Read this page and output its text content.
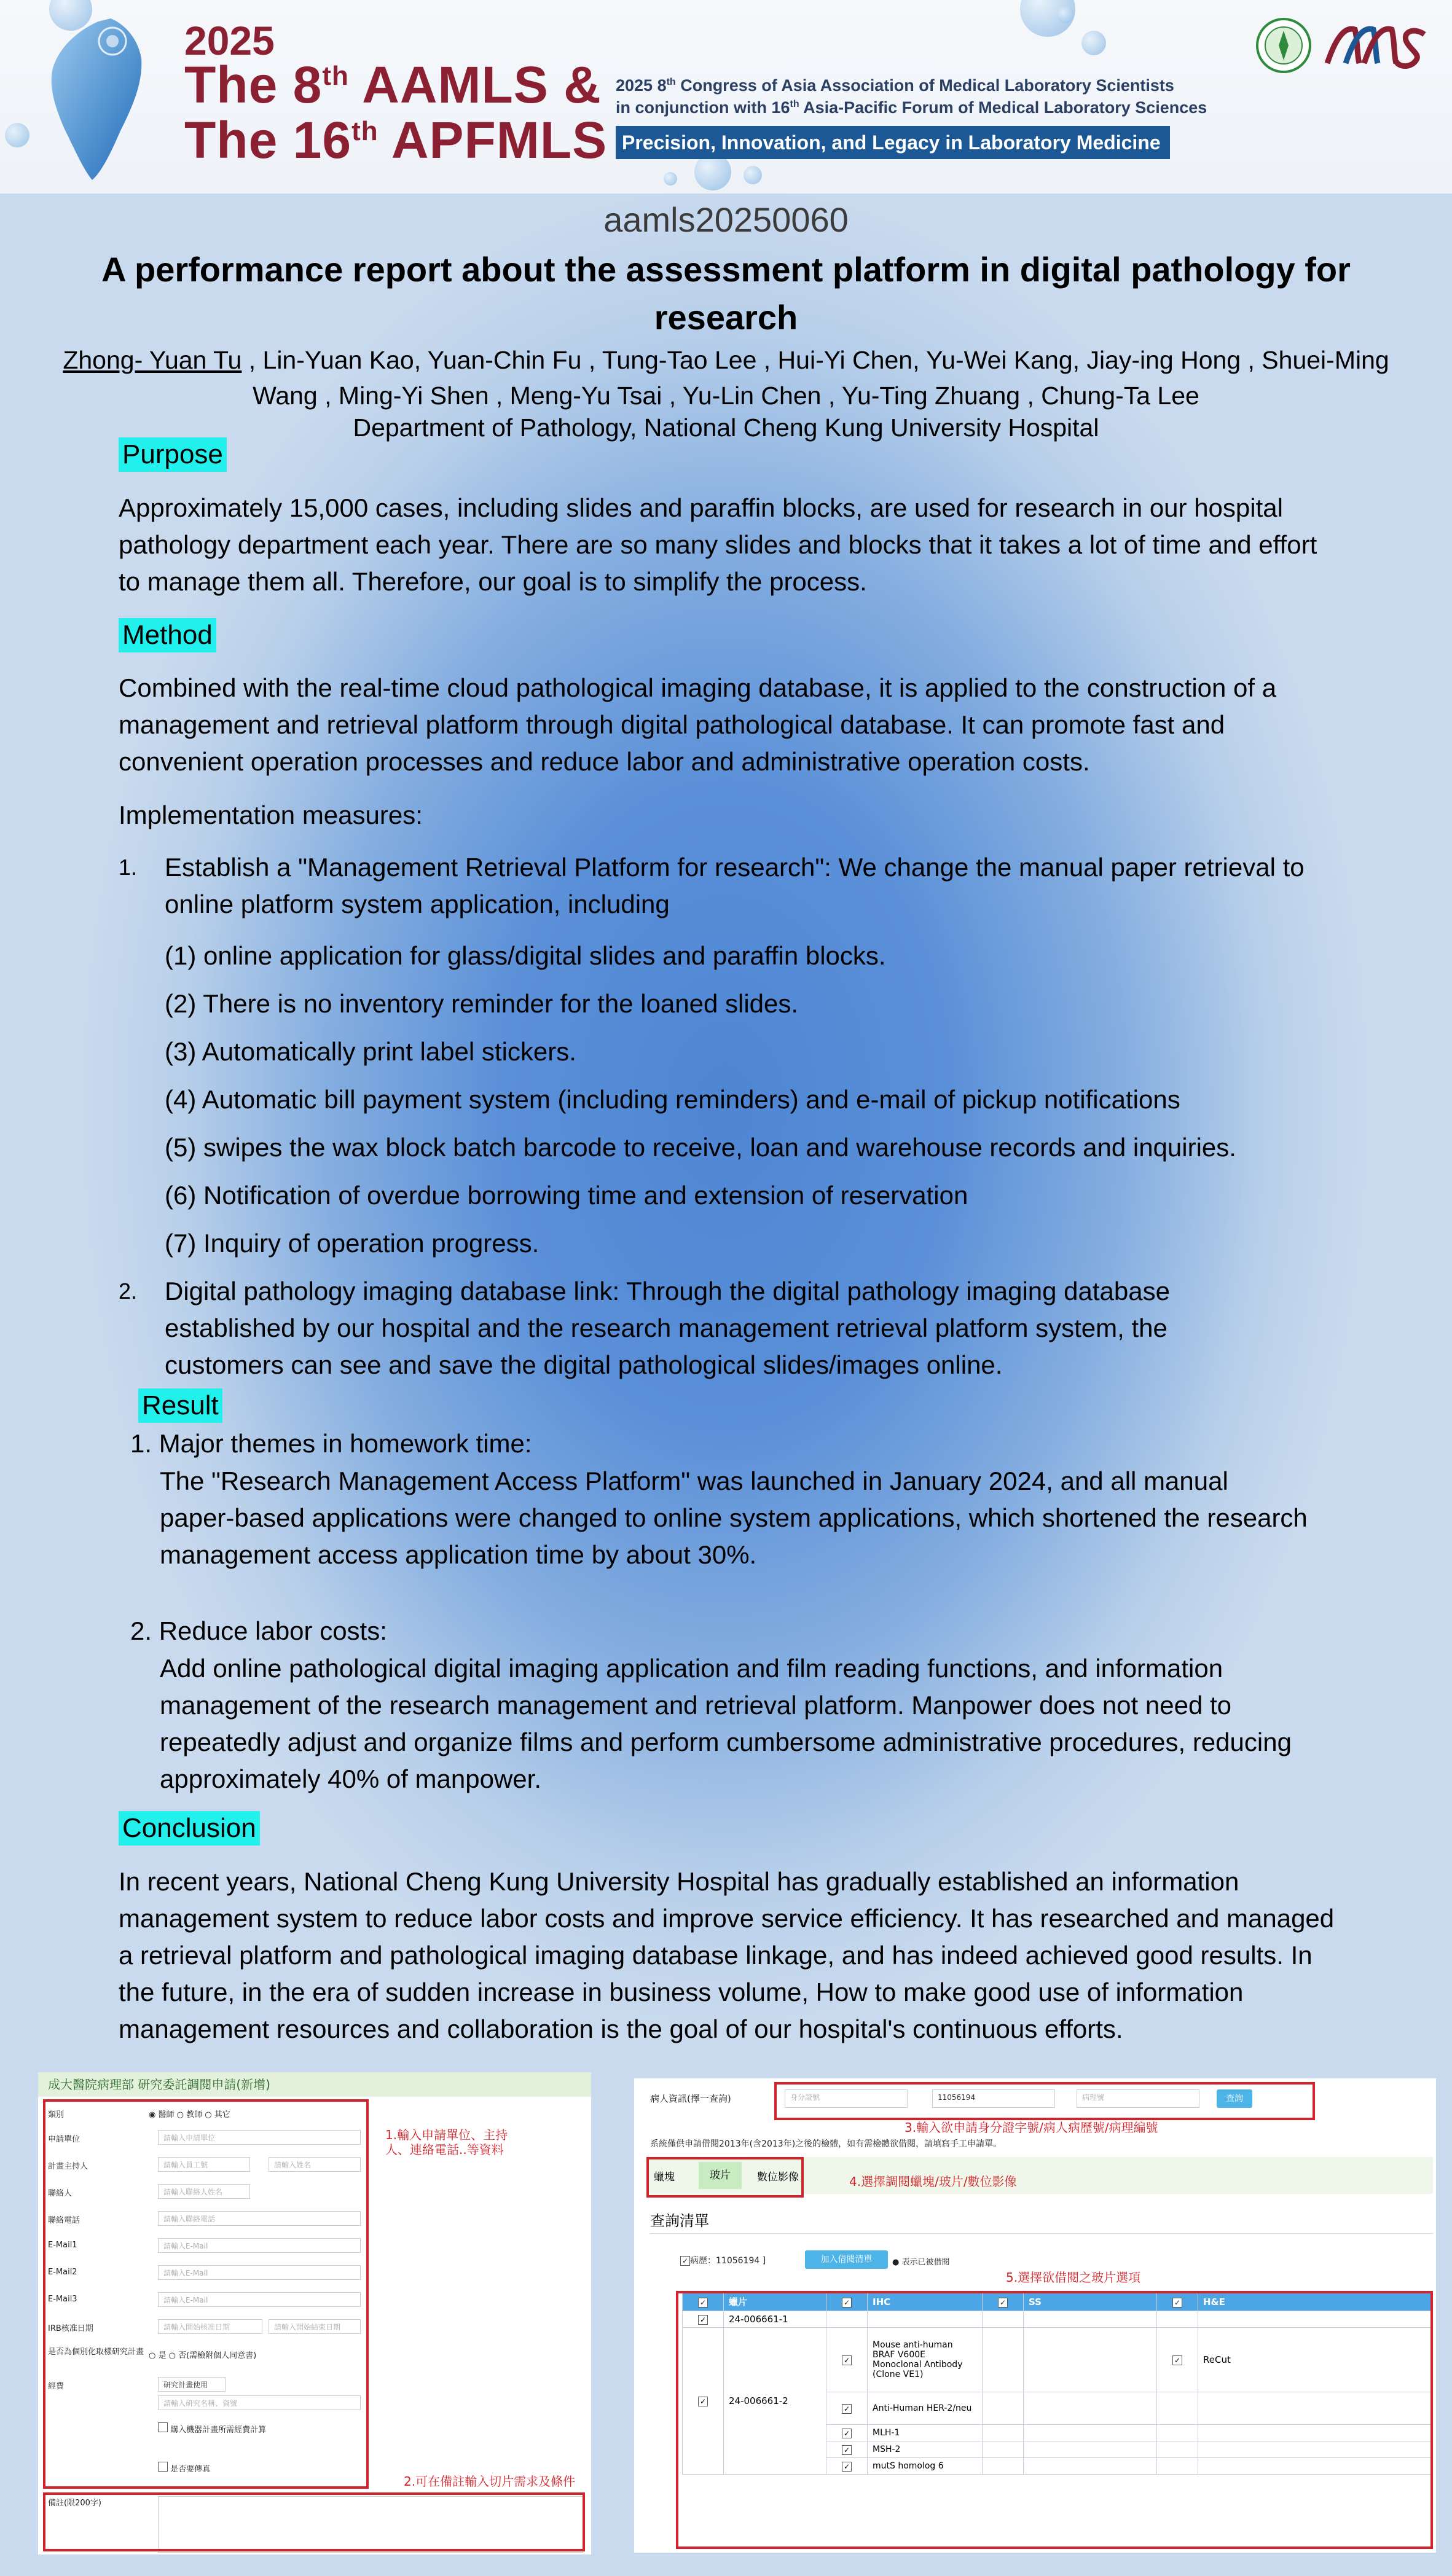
2025
The 8th AAMLS &
The 16th APFMLS
2025 8th Congress of Asia Association of Medical Laboratory Scientists
in conjunction with 16th Asia-Pacific Forum of Medical Laboratory Sciences
Precision, Innovation, and Legacy in Laboratory Medicine
aamls20250060
A performance report about the assessment platform in digital pathology for research
Zhong- Yuan Tu , Lin-Yuan Kao, Yuan-Chin Fu , Tung-Tao Lee , Hui-Yi Chen, Yu-Wei Kang, Jiay-ing Hong , Shuei-Ming Wang , Ming-Yi Shen , Meng-Yu Tsai , Yu-Lin Chen , Yu-Ting Zhuang , Chung-Ta Lee
Department of Pathology, National Cheng Kung University Hospital
Purpose
Approximately 15,000 cases, including slides and paraffin blocks, are used for research in our hospital pathology department each year. There are so many slides and blocks that it takes a lot of time and effort to manage them all. Therefore, our goal is to simplify the process.
Method
Combined with the real-time cloud pathological imaging database, it is applied to the construction of a management and retrieval platform through digital pathological database. It can promote fast and convenient operation processes and reduce labor and administrative operation costs.
Implementation measures:
1. Establish a "Management Retrieval Platform for research": We change the manual paper retrieval to online platform system application, including
(1) online application for glass/digital slides and paraffin blocks.
(2) There is no inventory reminder for the loaned slides.
(3) Automatically print label stickers.
(4) Automatic bill payment system (including reminders) and e-mail of pickup notifications
(5) swipes the wax block batch barcode to receive, loan and warehouse records and inquiries.
(6) Notification of overdue borrowing time and extension of reservation
(7) Inquiry of operation progress.
2. Digital pathology imaging database link: Through the digital pathology imaging database established by our hospital and the research management retrieval platform system, the customers can see and save the digital pathological slides/images online.
Result
1. Major themes in homework time:
The "Research Management Access Platform" was launched in January 2024, and all manual paper-based applications were changed to online system applications, which shortened the research management access application time by about 30%.
2. Reduce labor costs:
Add online pathological digital imaging application and film reading functions, and information management of the research management and retrieval platform. Manpower does not need to repeatedly adjust and organize films and perform cumbersome administrative procedures, reducing approximately 40% of manpower.
Conclusion
In recent years, National Cheng Kung University Hospital has gradually established an information management system to reduce labor costs and improve service efficiency. It has researched and managed a retrieval platform and pathological imaging database linkage, and has indeed achieved good results. In the future, in the era of sudden increase in business volume, How to make good use of information management resources and collaboration is the goal of our hospital's continuous efforts.
成大醫院病理部 研究委託調閱申請(新增)
類別	◉ 醫師 ○ 教師 ○ 其它
申請單位	請輸入申請單位
計畫主持人	請輸入員工號	請輸入姓名
聯絡人	請輸入聯絡人姓名
聯絡電話	請輸入聯絡電話
E-Mail1	請輸入E-Mail
E-Mail2	請輸入E-Mail
E-Mail3	請輸入E-Mail
IRB核准日期	請輸入開始核准日期	請輸入開始結束日期
是否為個別化取樣研究計畫 ○ 是 ○ 否(需檢附個人同意書)
經費	研究計畫使用
請輸入研究名稱、資號
購入機器計畫所需經費計算
是否要傳真
備註(限200字)
1.輸入申請單位、主持人、連絡電話..等資料
2.可在備註輸入切片需求及條件
病人資訊(擇一查詢)	身分證號	11056194	病理號	查詢
3.輸入欲申請身分證字號/病人病歷號/病理編號
系統僅供申請借閱2013年(含2013年)之後的檢體，如有需檢體欲借閱，請填寫手工申請單。
蠟塊	玻片	數位影像	4.選擇調閱蠟塊/玻片/數位影像
查詢清單
✓ 病歷：11056194 ]	加入借閱清單	● 表示已被借閱
5.選擇欲借閱之玻片選項
✓	蠟片	✓	IHC	✓	SS	✓	H&E
✓	24-006661-1						
✓	24-006661-2	✓	Mouse anti-human BRAF V600E Monoclonal Antibody (Clone VE1)			✓	ReCut
		✓	Anti-Human HER-2/neu				
		✓	MLH-1				
		✓	MSH-2				
		✓	mutS homolog 6				
